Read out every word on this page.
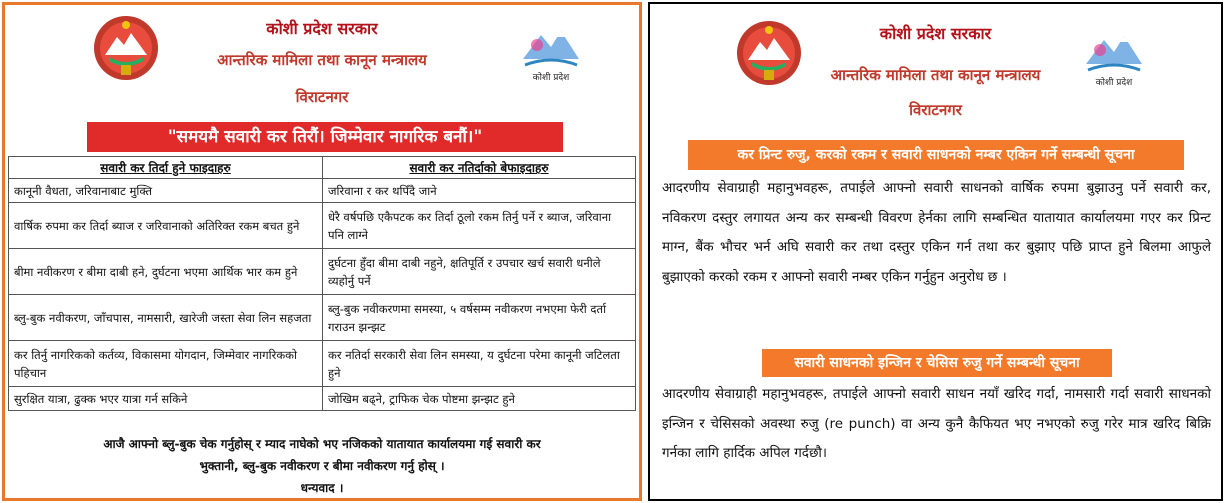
कोशी प्रदेश
कोशी प्रदेश सरकार
आन्तरिक मामिला तथा कानून मन्त्रालय
विराटनगर
"समयमै सवारी कर तिरौं। जिम्मेवार नागरिक बनौं।"
सवारी कर तिर्दा हुने फाइदाहरु	सवारी कर नतिर्दाको बेफाइदाहरु
कानूनी वैधता, जरिवानाबाट मुक्ति	जरिवाना र कर थपिँदै जाने
वार्षिक रुपमा कर तिर्दा ब्याज र जरिवानाको अतिरिक्त रकम बचत हुने	धेरै वर्षपछि एकैपटक कर तिर्दा ठूलो रकम तिर्नु पर्ने र ब्याज, जरिवाना पनि लाग्ने
बीमा नवीकरण र बीमा दाबी हने, दुर्घटना भएमा आर्थिक भार कम हुने	दुर्घटना हुँदा बीमा दाबी नहुने, क्षतिपूर्ति र उपचार खर्च सवारी धनीले व्यहोर्नु पर्ने
ब्लु-बुक नवीकरण, जाँचपास, नामसारी, खारेजी जस्ता सेवा लिन सहजता	ब्लु-बुक नवीकरणमा समस्या, ५ वर्षसम्म नवीकरण नभएमा फेरी दर्ता गराउन झन्झट
कर तिर्नु नागरिकको कर्तव्य, विकासमा योगदान, जिम्मेवार नागरिकको पहिचान	कर नतिर्दा सरकारी सेवा लिन समस्या, य दुर्घटना परेमा कानूनी जटिलता हुने
सुरक्षित यात्रा, ढुक्क भएर यात्रा गर्न सकिने	जोखिम बढ्ने, ट्राफिक चेक पोष्टमा झन्झट हुने
आजै आफ्नो ब्लु-बुक चेक गर्नुहोस् र म्याद नाघेको भए नजिकको यातायात कार्यालयमा गई सवारी कर
भुक्तानी, ब्लु-बुक नवीकरण र बीमा नवीकरण गर्नु होस् ।
धन्यवाद ।
कोशी प्रदेश
कोशी प्रदेश सरकार
आन्तरिक मामिला तथा कानून मन्त्रालय
विराटनगर
कर प्रिन्ट रुजु, करको रकम र सवारी साधनको नम्बर एकिन गर्ने सम्बन्धी सूचना
आदरणीय सेवाग्राही महानुभवहरू, तपाईले आफ्नो सवारी साधनको वार्षिक रुपमा बुझाउनु पर्ने सवारी कर, नविकरण दस्तुर लगायत अन्य कर सम्बन्धी विवरण हेर्नका लागि सम्बन्धित यातायात कार्यालयमा गएर कर प्रिन्ट माग्न, बैंक भौचर भर्न अघि सवारी कर तथा दस्तुर एकिन गर्न तथा कर बुझाए पछि प्राप्त हुने बिलमा आफुले बुझाएको करको रकम र आफ्नो सवारी नम्बर एकिन गर्नुहुन अनुरोध छ ।
सवारी साधनको इन्जिन र चेसिस रुजु गर्ने सम्बन्धी सूचना
आदरणीय सेवाग्राही महानुभवहरू, तपाईले आफ्नो सवारी साधन नयाँ खरिद गर्दा, नामसारी गर्दा सवारी साधनको इन्जिन र चेसिसको अवस्था रुजु (re punch) वा अन्य कुनै कैफियत भए नभएको रुजु गरेर मात्र खरिद बिक्रि गर्नका लागि हार्दिक अपिल गर्दछौ।
